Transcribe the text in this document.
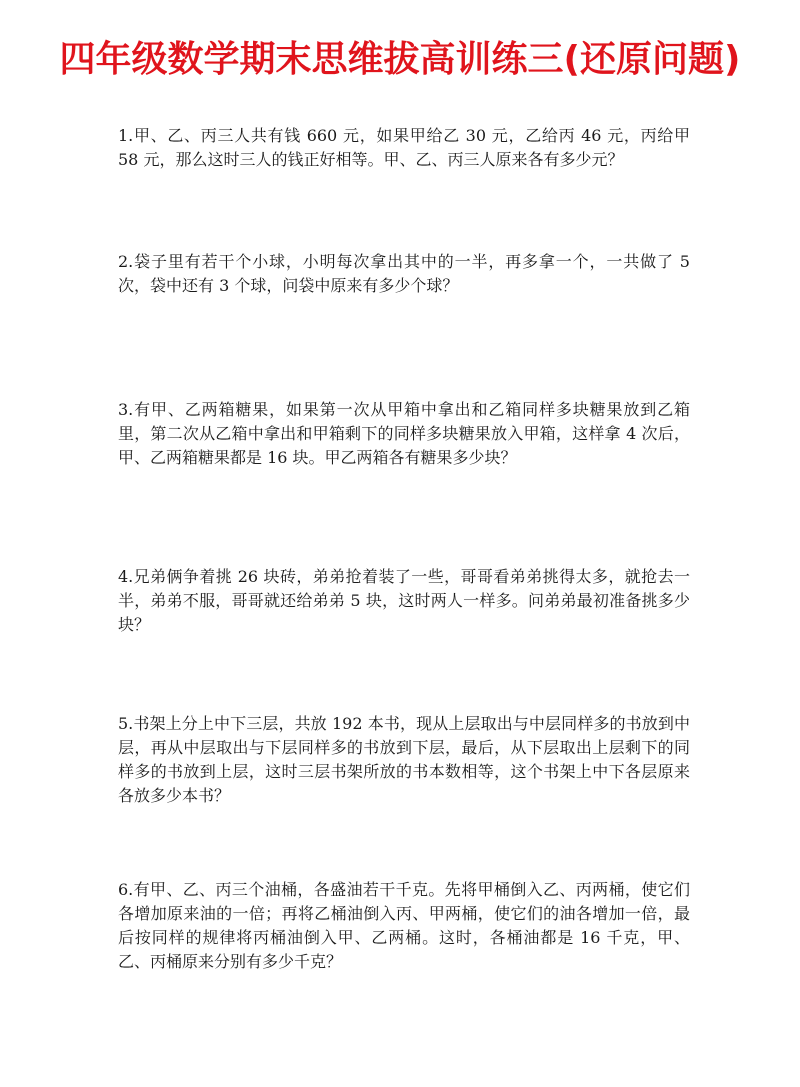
四年级数学期末思维拔高训练三(还原问题)
1.甲、乙、丙三人共有钱 660 元，如果甲给乙 30 元，乙给丙 46 元，丙给甲 58 元，那么这时三人的钱正好相等。甲、乙、丙三人原来各有多少元？
2.袋子里有若干个小球，小明每次拿出其中的一半，再多拿一个，一共做了 5 次，袋中还有 3 个球，问袋中原来有多少个球？
3.有甲、乙两箱糖果，如果第一次从甲箱中拿出和乙箱同样多块糖果放到乙箱里，第二次从乙箱中拿出和甲箱剩下的同样多块糖果放入甲箱，这样拿 4 次后，甲、乙两箱糖果都是 16 块。甲乙两箱各有糖果多少块？
4.兄弟俩争着挑 26 块砖，弟弟抢着装了一些，哥哥看弟弟挑得太多，就抢去一半，弟弟不服，哥哥就还给弟弟 5 块，这时两人一样多。问弟弟最初准备挑多少块？
5.书架上分上中下三层，共放 192 本书，现从上层取出与中层同样多的书放到中层，再从中层取出与下层同样多的书放到下层，最后，从下层取出上层剩下的同样多的书放到上层，这时三层书架所放的书本数相等，这个书架上中下各层原来各放多少本书？
6.有甲、乙、丙三个油桶，各盛油若干千克。先将甲桶倒入乙、丙两桶，使它们各增加原来油的一倍；再将乙桶油倒入丙、甲两桶，使它们的油各增加一倍，最后按同样的规律将丙桶油倒入甲、乙两桶。这时，各桶油都是 16 千克，甲、乙、丙桶原来分别有多少千克？
